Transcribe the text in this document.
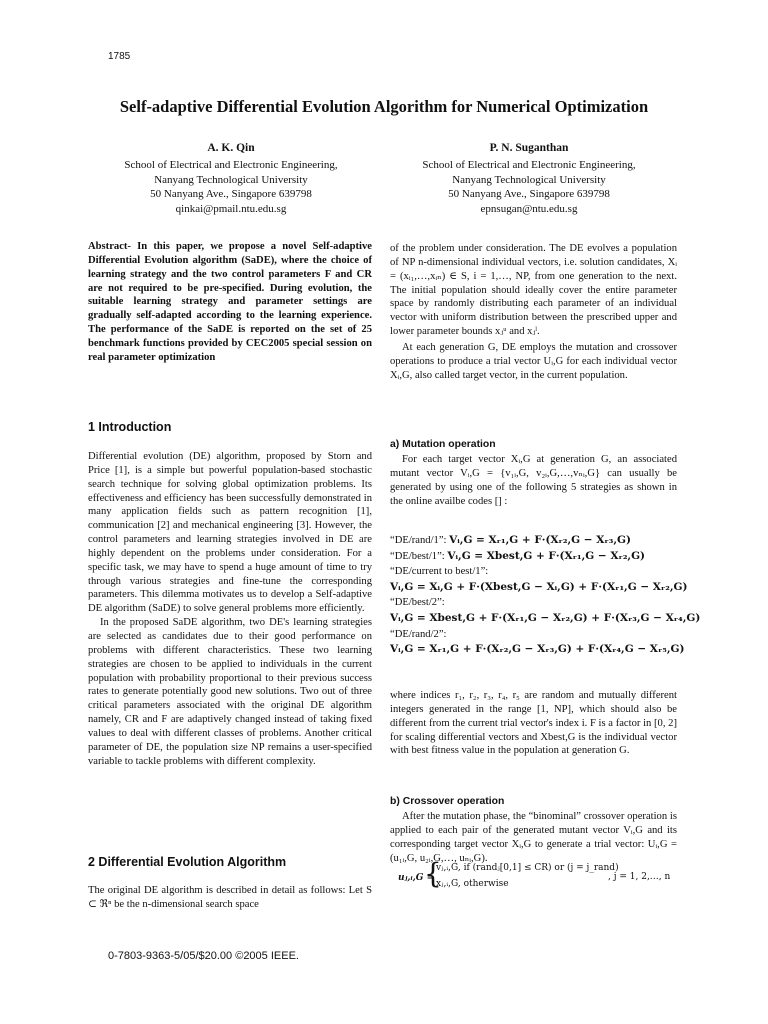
1785
Self-adaptive Differential Evolution Algorithm for Numerical Optimization
A. K. Qin
School of Electrical and Electronic Engineering,
Nanyang Technological University
50 Nanyang Ave., Singapore 639798
qinkai@pmail.ntu.edu.sg
P. N. Suganthan
School of Electrical and Electronic Engineering,
Nanyang Technological University
50 Nanyang Ave., Singapore 639798
epnsugan@ntu.edu.sg
Abstract- In this paper, we propose a novel Self-adaptive Differential Evolution algorithm (SaDE), where the choice of learning strategy and the two control parameters F and CR are not required to be pre-specified. During evolution, the suitable learning strategy and parameter settings are gradually self-adapted according to the learning experience. The performance of the SaDE is reported on the set of 25 benchmark functions provided by CEC2005 special session on real parameter optimization
1 Introduction

Differential evolution (DE) algorithm, proposed by Storn and Price [1], is a simple but powerful population-based stochastic search technique for solving global optimization problems. Its effectiveness and efficiency has been successfully demonstrated in many application fields such as pattern recognition [1], communication [2] and mechanical engineering [3]. However, the control parameters and learning strategies involved in DE are highly dependent on the problems under consideration. For a specific task, we may have to spend a huge amount of time to try through various strategies and fine-tune the corresponding parameters. This dilemma motivates us to develop a Self-adaptive DE algorithm (SaDE) to solve general problems more efficiently.

In the proposed SaDE algorithm, two DE's learning strategies are selected as candidates due to their good performance on problems with different characteristics. These two learning strategies are chosen to be applied to individuals in the current population with probability proportional to their previous success rates to generate potentially good new solutions. Two out of three critical parameters associated with the original DE algorithm namely, CR and F are adaptively changed instead of taking fixed values to deal with different classes of problems. Another critical parameter of DE, the population size NP remains a user-specified variable to tackle problems with different complexity.

2 Differential Evolution Algorithm
The original DE algorithm is described in detail as follows: Let S ⊂ ℜⁿ be the n-dimensional search space

of the problem under consideration. The DE evolves a population of NP n-dimensional individual vectors, i.e. solution candidates, Xᵢ = (xᵢ₁,…,xᵢₙ) ∈ S, i = 1,…, NP, from one generation to the next. The initial population should ideally cover the entire parameter space by randomly distributing each parameter of an individual vector with uniform distribution between the prescribed upper and lower parameter bounds xⱼᵘ and xⱼˡ.

At each generation G, DE employs the mutation and crossover operations to produce a trial vector Uᵢ,G for each individual vector Xᵢ,G, also called target vector, in the current population.

a) Mutation operation

For each target vector Xᵢ,G at generation G, an associated mutant vector Vᵢ,G = {v₁ᵢ,G, v₂ᵢ,G,…,vₙᵢ,G} can usually be generated by using one of the following 5 strategies as shown in the online availbe codes [] :

“DE/rand/1”: Vᵢ,G = Xᵣ₁,G + F·(Xᵣ₂,G − Xᵣ₃,G)
“DE/best/1”: Vᵢ,G = Xbest,G + F·(Xᵣ₁,G − Xᵣ₂,G)
“DE/current to best/1”:
Vᵢ,G = Xᵢ,G + F·(Xbest,G − Xᵢ,G) + F·(Xᵣ₁,G − Xᵣ₂,G)
“DE/best/2”:
Vᵢ,G = Xbest,G + F·(Xᵣ₁,G − Xᵣ₂,G) + F·(Xᵣ₃,G − Xᵣ₄,G)
“DE/rand/2”:
Vᵢ,G = Xᵣ₁,G + F·(Xᵣ₂,G − Xᵣ₃,G) + F·(Xᵣ₄,G − Xᵣ₅,G)
where indices r₁, r₂, r₃, r₄, r₅ are random and mutually different integers generated in the range [1, NP], which should also be different from the current trial vector's index i. F is a factor in [0, 2] for scaling differential vectors and Xbest,G is the individual vector with best fitness value in the population at generation G.
b) Crossover operation

After the mutation phase, the “binominal” crossover operation is applied to each pair of the generated mutant vector Vᵢ,G and its corresponding target vector Xᵢ,G to generate a trial vector: Uᵢ,G = (u₁ᵢ,G, u₂ᵢ,G,…, uₙᵢ,G).

uⱼ,ᵢ,G =
{
vⱼ,ᵢ,G, if (randⱼ[0,1] ≤ CR) or (j = j_rand)
xⱼ,ᵢ,G, otherwise
, j = 1, 2,…, n
0-7803-9363-5/05/$20.00 ©2005 IEEE.
